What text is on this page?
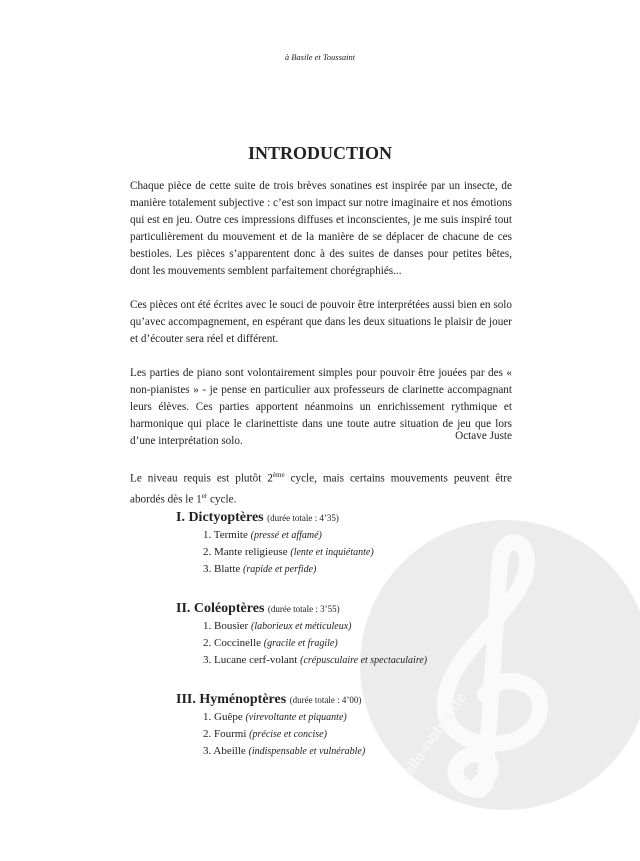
alle-noten.de
à Basile et Toussaint
INTRODUCTION

Chaque pièce de cette suite de trois brèves sonatines est inspirée par un insecte, de manière totalement subjective : c’est son impact sur notre imaginaire et nos émotions qui est en jeu. Outre ces impressions diffuses et inconscientes, je me suis inspiré tout particulièrement du mouvement et de la manière de se déplacer de chacune de ces bestioles. Les pièces s’apparentent donc à des suites de danses pour petites bêtes, dont les mouvements semblent parfaitement chorégraphiés...

Ces pièces ont été écrites avec le souci de pouvoir être interprétées aussi bien en solo qu’avec accompagnement, en espérant que dans les deux situations le plaisir de jouer et d’écouter sera réel et différent.

Les parties de piano sont volontairement simples pour pouvoir être jouées par des « non-pianistes » - je pense en particulier aux professeurs de clarinette accompagnant leurs élèves. Ces parties apportent néanmoins un enrichissement rythmique et harmonique qui place le clarinettiste dans une toute autre situation de jeu que lors d’une interprétation solo.

Le niveau requis est plutôt 2ème cycle, mais certains mouvements peuvent être abordés dès le 1er cycle.

Octave Juste
I. Dictyoptères (durée totale : 4’35)
1. Termite (pressé et affamé)
2. Mante religieuse (lente et inquiétante)
3. Blatte (rapide et perfide)
II. Coléoptères (durée totale : 3’55)
1. Bousier (laborieux et méticuleux)
2. Coccinelle (gracile et fragile)
3. Lucane cerf-volant (crépusculaire et spectaculaire)
III. Hyménoptères (durée totale : 4’00)
1. Guêpe (virevoltante et piquante)
2. Fourmi (précise et concise)
3. Abeille (indispensable et vulnérable)
